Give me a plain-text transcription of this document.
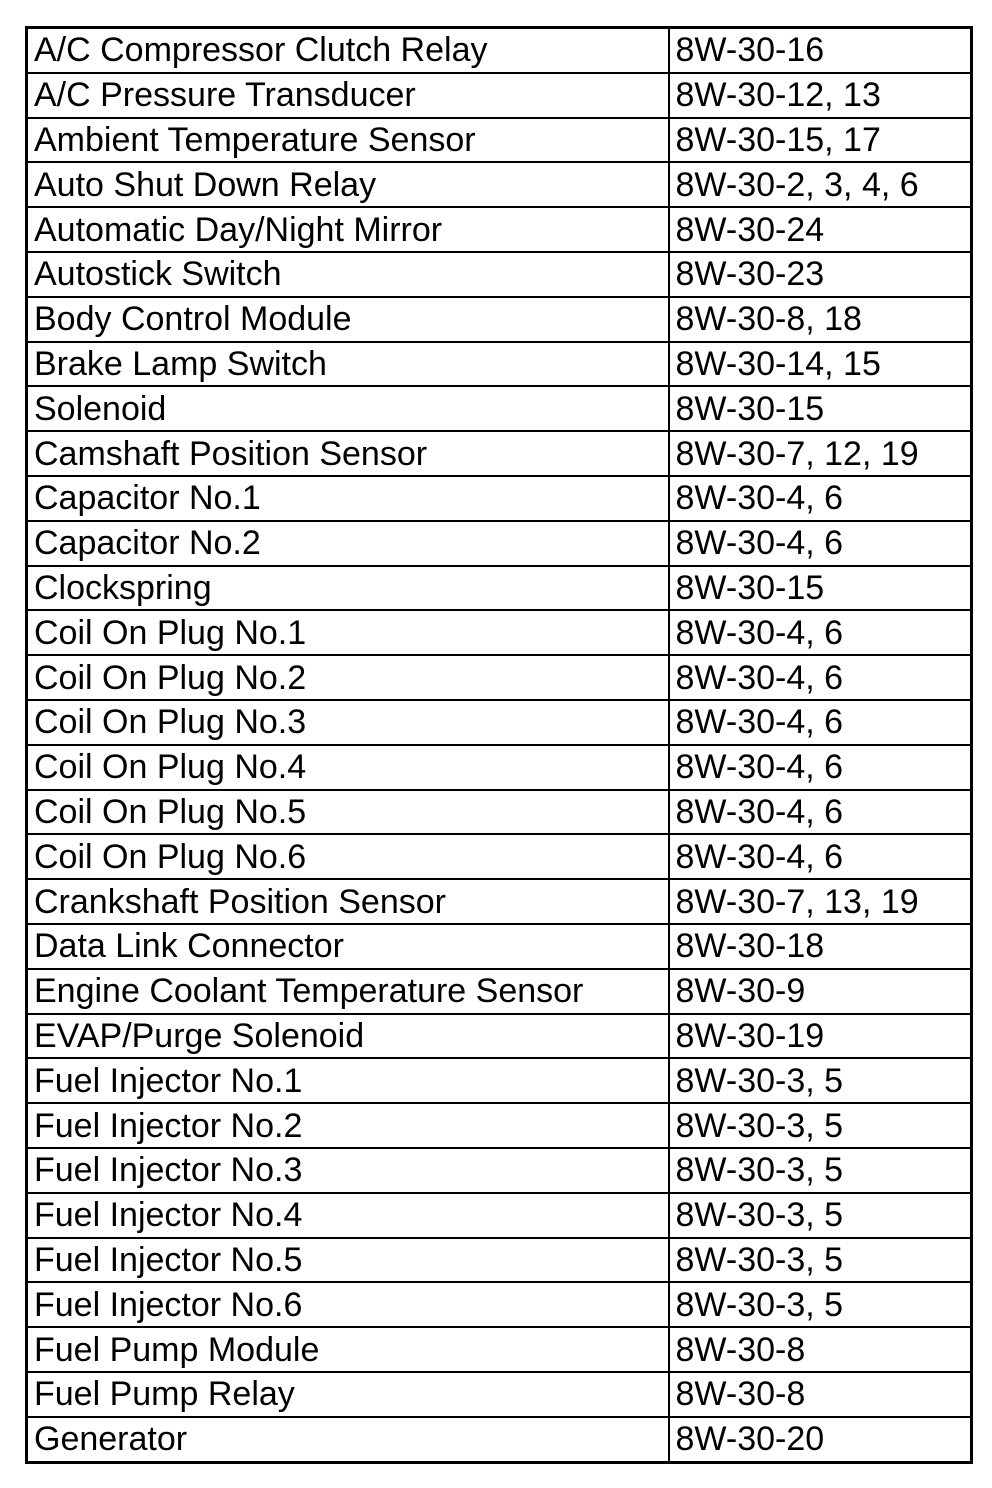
A/C Compressor Clutch Relay	8W-30-16
A/C Pressure Transducer	8W-30-12, 13
Ambient Temperature Sensor	8W-30-15, 17
Auto Shut Down Relay	8W-30-2, 3, 4, 6
Automatic Day/Night Mirror	8W-30-24
Autostick Switch	8W-30-23
Body Control Module	8W-30-8, 18
Brake Lamp Switch	8W-30-14, 15
Solenoid	8W-30-15
Camshaft Position Sensor	8W-30-7, 12, 19
Capacitor No.1	8W-30-4, 6
Capacitor No.2	8W-30-4, 6
Clockspring	8W-30-15
Coil On Plug No.1	8W-30-4, 6
Coil On Plug No.2	8W-30-4, 6
Coil On Plug No.3	8W-30-4, 6
Coil On Plug No.4	8W-30-4, 6
Coil On Plug No.5	8W-30-4, 6
Coil On Plug No.6	8W-30-4, 6
Crankshaft Position Sensor	8W-30-7, 13, 19
Data Link Connector	8W-30-18
Engine Coolant Temperature Sensor	8W-30-9
EVAP/Purge Solenoid	8W-30-19
Fuel Injector No.1	8W-30-3, 5
Fuel Injector No.2	8W-30-3, 5
Fuel Injector No.3	8W-30-3, 5
Fuel Injector No.4	8W-30-3, 5
Fuel Injector No.5	8W-30-3, 5
Fuel Injector No.6	8W-30-3, 5
Fuel Pump Module	8W-30-8
Fuel Pump Relay	8W-30-8
Generator	8W-30-20
